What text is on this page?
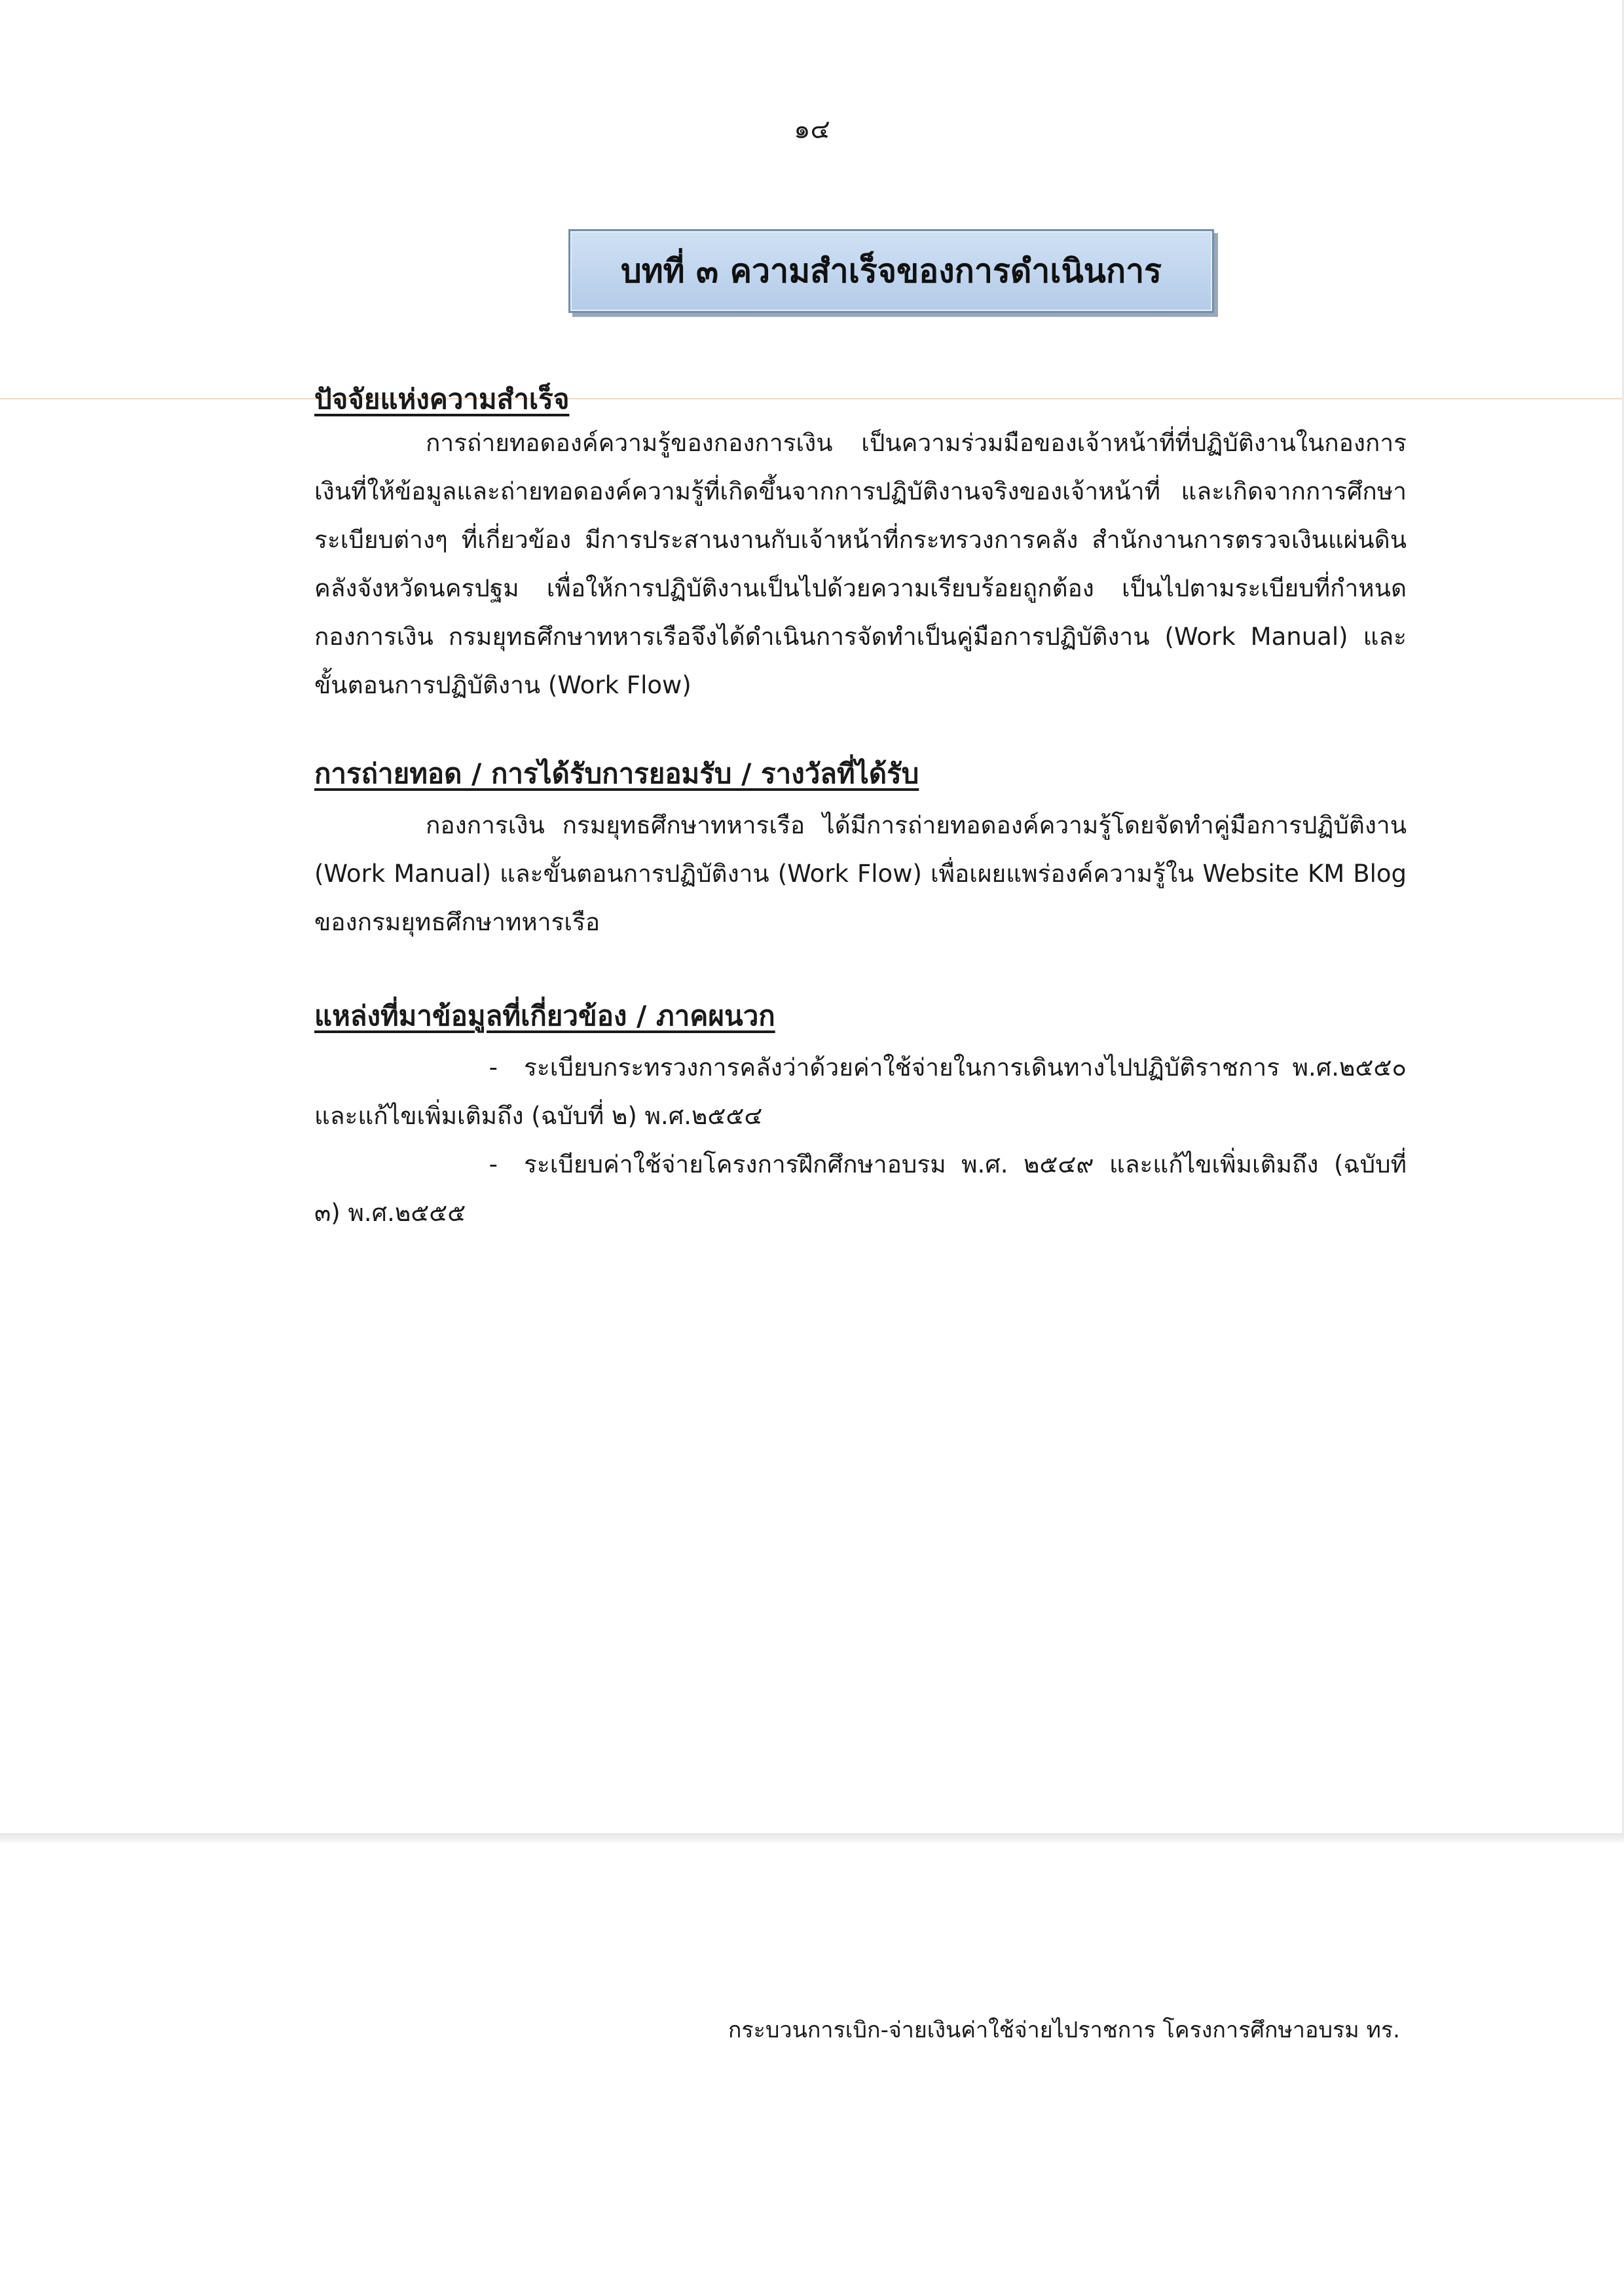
๑๔
บทที่ ๓ ความสำเร็จของการดำเนินการ
ปัจจัยแห่งความสำเร็จ

การถ่ายทอดองค์ความรู้ของกองการเงิน เป็นความร่วมมือของเจ้าหน้าที่ที่ปฏิบัติงานในกองการเงินที่ให้ข้อมูลและถ่ายทอดองค์ความรู้ที่เกิดขึ้นจากการปฏิบัติงานจริงของเจ้าหน้าที่ และเกิดจากการศึกษาระเบียบต่างๆ ที่เกี่ยวข้อง มีการประสานงานกับเจ้าหน้าที่กระทรวงการคลัง สำนักงานการตรวจเงินแผ่นดิน คลังจังหวัดนครปฐม เพื่อให้การปฏิบัติงานเป็นไปด้วยความเรียบร้อยถูกต้อง เป็นไปตามระเบียบที่กำหนด กองการเงิน กรมยุทธศึกษาทหารเรือจึงได้ดำเนินการจัดทำเป็นคู่มือการปฏิบัติงาน (Work Manual) และขั้นตอนการปฏิบัติงาน (Work Flow)

การถ่ายทอด / การได้รับการยอมรับ / รางวัลที่ได้รับ

กองการเงิน กรมยุทธศึกษาทหารเรือ ได้มีการถ่ายทอดองค์ความรู้โดยจัดทำคู่มือการปฏิบัติงาน (Work Manual) และขั้นตอนการปฏิบัติงาน (Work Flow) เพื่อเผยแพร่องค์ความรู้ใน Website KM Blog ของกรมยุทธศึกษาทหารเรือ

แหล่งที่มาข้อมูลที่เกี่ยวข้อง / ภาคผนวก

- ระเบียบกระทรวงการคลังว่าด้วยค่าใช้จ่ายในการเดินทางไปปฏิบัติราชการ พ.ศ.๒๕๕๐ และแก้ไขเพิ่มเติมถึง (ฉบับที่ ๒) พ.ศ.๒๕๕๔

- ระเบียบค่าใช้จ่ายโครงการฝึกศึกษาอบรม พ.ศ. ๒๕๔๙ และแก้ไขเพิ่มเติมถึง (ฉบับที่ ๓) พ.ศ.๒๕๕๕

กระบวนการเบิก-จ่ายเงินค่าใช้จ่ายไปราชการ โครงการศึกษาอบรม ทร.
